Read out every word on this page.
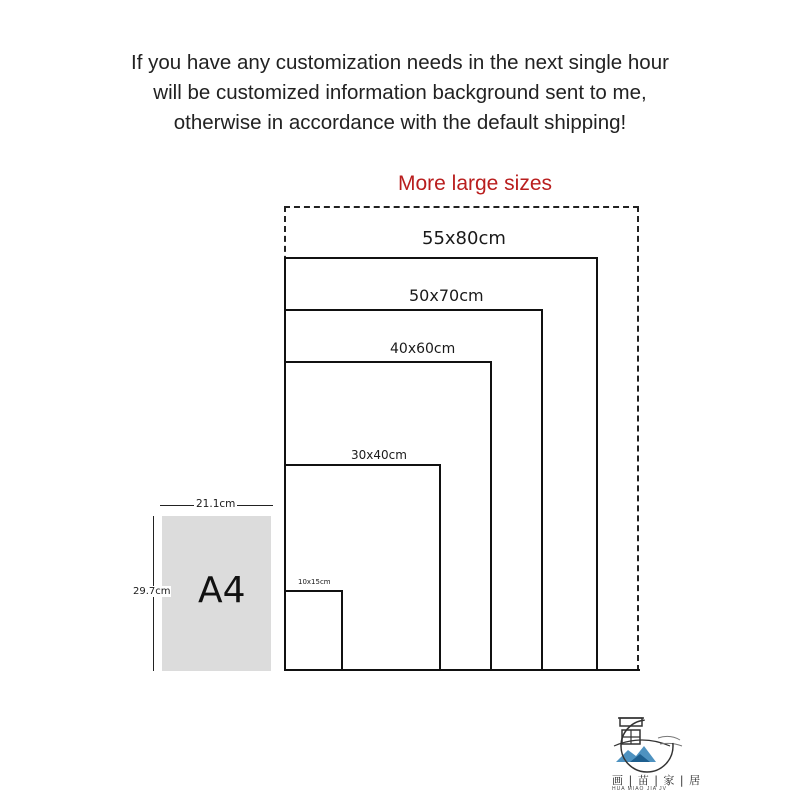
If you have any customization needs in the next single hour
will be customized information background sent to me,
otherwise in accordance with the default shipping!
More large sizes
55x80cm
50x70cm
40x60cm
30x40cm
10x15cm
A4
21.1cm
29.7cm
画 | 苗 | 家 | 居
HUA MIAO JIA JV
